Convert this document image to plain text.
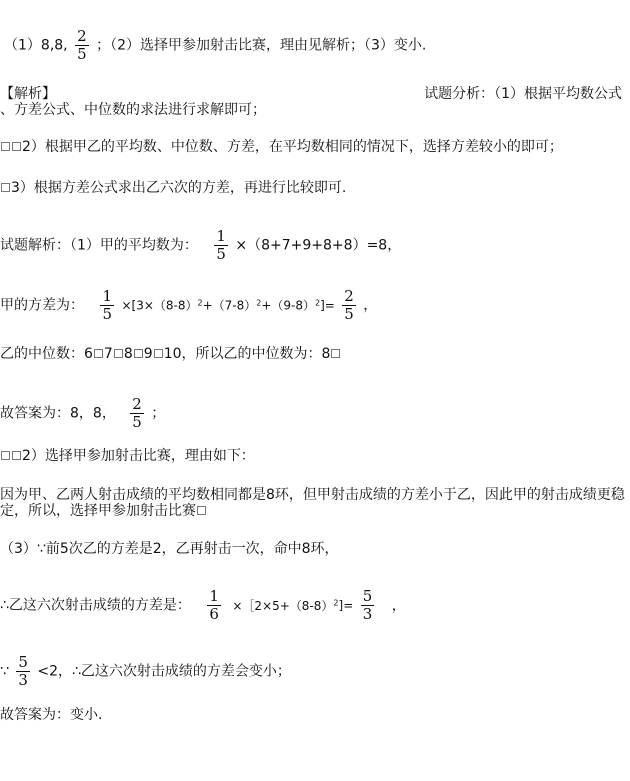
（1）8,8, $\frac{2}{5}$ ；（2）选择甲参加射击比赛，理由见解析；（3）变小.
【解析】	试题分析：（1）根据平均数公式
、方差公式、中位数的求法进行求解即可；
2）根据甲乙的平均数、中位数、方差，在平均数相同的情况下，选择方差较小的即可；
3）根据方差公式求出乙六次的方差，再进行比较即可.
试题解析：（1）甲的平均数为： $\frac{1}{5} \times(8+7+9+8+8)=8$，
甲的方差为： $\frac{1}{5} \times[3\times(8-8)^2+(7-8)^2+(9-8)^2]= \frac{2}{5}$ ，
乙的中位数：6 7 8 9 10，所以乙的中位数为：8
故答案为：8，8， $\frac{2}{5}$ ；
2）选择甲参加射击比赛，理由如下：
因为甲、乙两人射击成绩的平均数相同都是8环，但甲射击成绩的方差小于乙，因此甲的射击成绩更稳
定，所以，选择甲参加射击比赛
（3）∵前5次乙的方差是2，乙再射击一次，命中8环，
∴乙这六次射击成绩的方差是： $\frac{1}{6}$ $\times[2\times 5+(8-8)^2]= \frac{5}{3}$ ，
∵ $\frac{5}{3} <2$，∴乙这六次射击成绩的方差会变小；
故答案为：变小.
